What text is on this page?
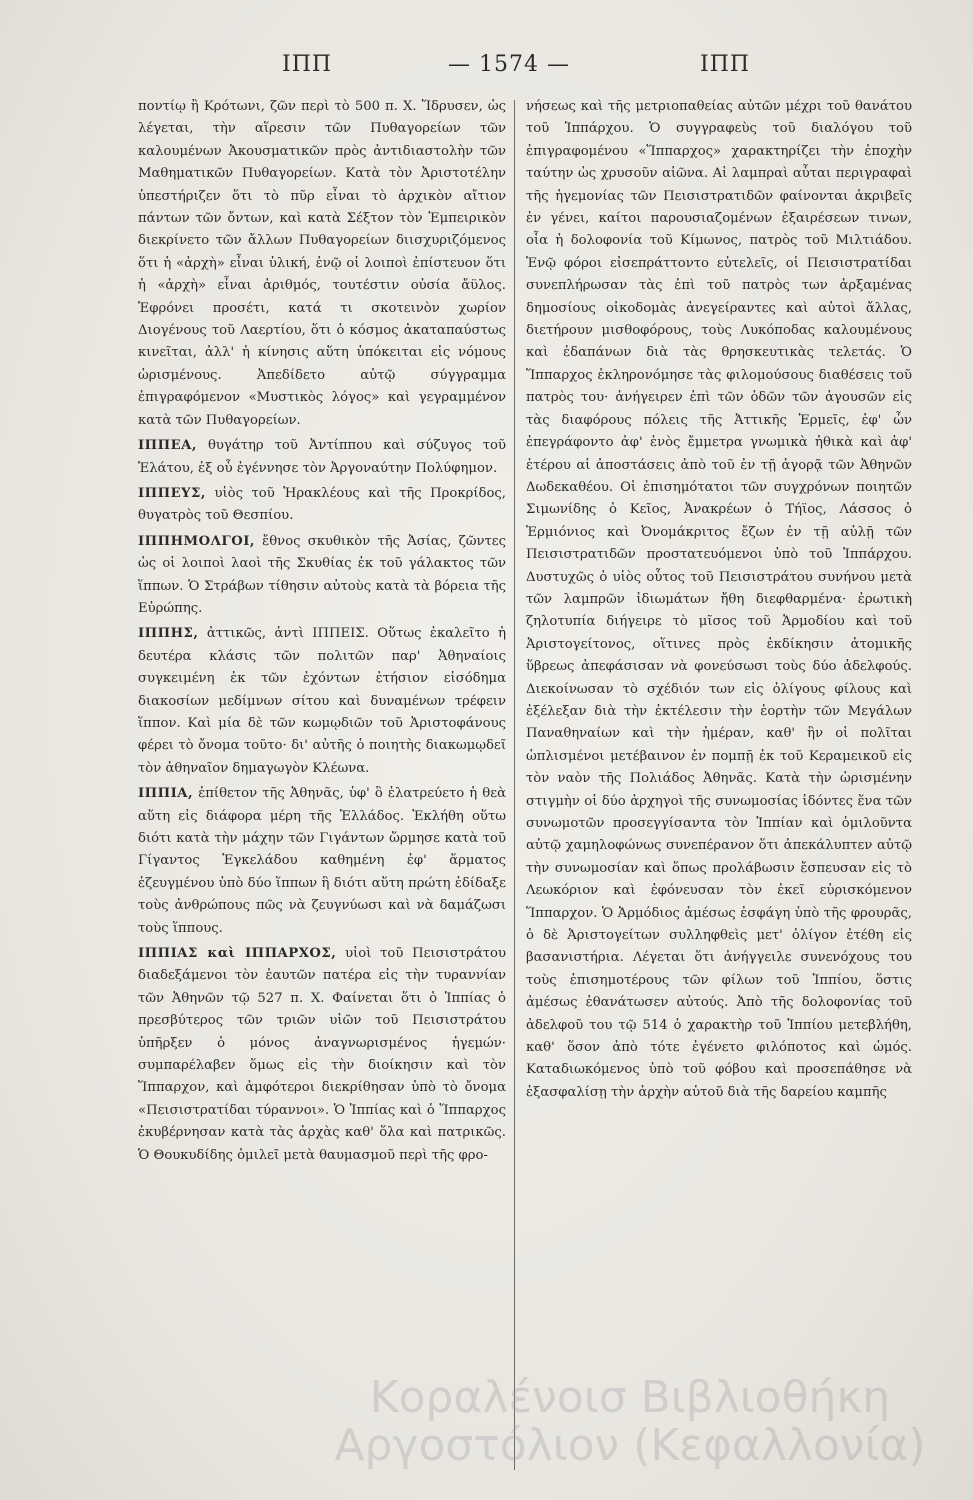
ΙΠΠ	— 1574 —	ΙΠΠ

ποντίῳ ἢ Κρότωνι, ζῶν περὶ τὸ 500 π. Χ. Ἵδρυσεν, ὡς λέγεται, τὴν αἵρεσιν τῶν Πυθαγορείων τῶν καλουμένων Ἀκουσματικῶν πρὸς ἀντιδιαστολὴν τῶν Μαθηματικῶν Πυθαγορείων. Κατὰ τὸν Ἀριστοτέλην ὑπεστήριζεν ὅτι τὸ πῦρ εἶναι τὸ ἀρχικὸν αἴτιον πάντων τῶν ὄντων, καὶ κατὰ Σέξτον τὸν Ἐμπειρικὸν διεκρίνετο τῶν ἄλλων Πυθαγορείων διισχυριζόμενος ὅτι ἡ «ἀρχὴ» εἶναι ὑλική, ἐνῷ οἱ λοιποὶ ἐπίστευον ὅτι ἡ «ἀρχὴ» εἶναι ἀριθμός, τουτέστιν οὐσία ἄϋλος. Ἐφρόνει προσέτι, κατά τι σκοτεινὸν χωρίον Διογένους τοῦ Λαερτίου, ὅτι ὁ κόσμος ἀκαταπαύστως κινεῖται, ἀλλ' ἡ κίνησις αὕτη ὑπόκειται εἰς νόμους ὡρισμένους. Ἀπεδίδετο αὐτῷ σύγγραμμα ἐπιγραφόμενον «Μυστικὸς λόγος» καὶ γεγραμμένον κατὰ τῶν Πυθαγορείων.

ΙΠΠΕΑ, θυγάτηρ τοῦ Ἀντίππου καὶ σύζυγος τοῦ Ἐλάτου, ἐξ οὗ ἐγέννησε τὸν Ἀργοναύτην Πολύφημον.

ΙΠΠΕΥΣ, υἱὸς τοῦ Ἡρακλέους καὶ τῆς Προκρίδος, θυγατρὸς τοῦ Θεσπίου.

ΙΠΠΗΜΟΛΓΟΙ, ἔθνος σκυθικὸν τῆς Ἀσίας, ζῶντες ὡς οἱ λοιποὶ λαοὶ τῆς Σκυθίας ἐκ τοῦ γάλακτος τῶν ἵππων. Ὁ Στράβων τίθησιν αὐτοὺς κατὰ τὰ βόρεια τῆς Εὐρώπης.

ΙΠΠΗΣ, ἀττικῶς, ἀντὶ ΙΠΠΕΙΣ. Οὕτως ἐκαλεῖτο ἡ δευτέρα κλάσις τῶν πολιτῶν παρ' Ἀθηναίοις συγκειμένη ἐκ τῶν ἐχόντων ἐτήσιον εἰσόδημα διακοσίων μεδίμνων σίτου καὶ δυναμένων τρέφειν ἵππον. Καὶ μία δὲ τῶν κωμῳδιῶν τοῦ Ἀριστοφάνους φέρει τὸ ὄνομα τοῦτο· δι' αὐτῆς ὁ ποιητὴς διακωμῳδεῖ τὸν ἀθηναῖον δημαγωγὸν Κλέωνα.

ΙΠΠΙΑ, ἐπίθετον τῆς Ἀθηνᾶς, ὑφ' ὃ ἐλατρεύετο ἡ θεὰ αὕτη εἰς διάφορα μέρη τῆς Ἑλλάδος. Ἐκλήθη οὕτω διότι κατὰ τὴν μάχην τῶν Γιγάντων ὥρμησε κατὰ τοῦ Γίγαντος Ἐγκελάδου καθημένη ἐφ' ἅρματος ἐζευγμένου ὑπὸ δύο ἵππων ἢ διότι αὕτη πρώτη ἐδίδαξε τοὺς ἀνθρώπους πῶς νὰ ζευγνύωσι καὶ νὰ δαμάζωσι τοὺς ἵππους.

ΙΠΠΙΑΣ καὶ ΙΠΠΑΡΧΟΣ, υἱοὶ τοῦ Πεισιστράτου διαδεξάμενοι τὸν ἑαυτῶν πατέρα εἰς τὴν τυραννίαν τῶν Ἀθηνῶν τῷ 527 π. Χ. Φαίνεται ὅτι ὁ Ἱππίας ὁ πρεσβύτερος τῶν τριῶν υἱῶν τοῦ Πεισιστράτου ὑπῆρξεν ὁ μόνος ἀναγνωρισμένος ἡγεμών· συμπαρέλαβεν ὅμως εἰς τὴν διοίκησιν καὶ τὸν Ἵππαρχον, καὶ ἀμφότεροι διεκρίθησαν ὑπὸ τὸ ὄνομα «Πεισιστρατίδαι τύραννοι». Ὁ Ἱππίας καὶ ὁ Ἵππαρχος ἐκυβέρνησαν κατὰ τὰς ἀρχὰς καθ' ὅλα καὶ πατρικῶς. Ὁ Θουκυδίδης ὁμιλεῖ μετὰ θαυμασμοῦ περὶ τῆς φρο-

νήσεως καὶ τῆς μετριοπαθείας αὐτῶν μέχρι τοῦ θανάτου τοῦ Ἱππάρχου. Ὁ συγγραφεὺς τοῦ διαλόγου τοῦ ἐπιγραφομένου «Ἵππαρχος» χαρακτηρίζει τὴν ἐποχὴν ταύτην ὡς χρυσοῦν αἰῶνα. Αἱ λαμπραὶ αὗται περιγραφαὶ τῆς ἡγεμονίας τῶν Πεισιστρατιδῶν φαίνονται ἀκριβεῖς ἐν γένει, καίτοι παρουσιαζομένων ἐξαιρέσεων τινων, οἷα ἡ δολοφονία τοῦ Κίμωνος, πατρὸς τοῦ Μιλτιάδου. Ἐνῷ φόροι εἰσεπράττοντο εὐτελεῖς, οἱ Πεισιστρατίδαι συνεπλήρωσαν τὰς ἐπὶ τοῦ πατρὸς των ἀρξαμένας δημοσίους οἰκοδομὰς ἀνεγείραντες καὶ αὐτοὶ ἄλλας, διετήρουν μισθοφόρους, τοὺς Λυκόποδας καλουμένους καὶ ἐδαπάνων διὰ τὰς θρησκευτικὰς τελετάς. Ὁ Ἵππαρχος ἐκληρονόμησε τὰς φιλομούσους διαθέσεις τοῦ πατρὸς του· ἀνήγειρεν ἐπὶ τῶν ὁδῶν τῶν ἀγουσῶν εἰς τὰς διαφόρους πόλεις τῆς Ἀττικῆς Ἑρμεῖς, ἐφ' ὧν ἐπεγράφοντο ἀφ' ἑνὸς ἔμμετρα γνωμικὰ ἠθικὰ καὶ ἀφ' ἑτέρου αἱ ἀποστάσεις ἀπὸ τοῦ ἐν τῇ ἀγορᾷ τῶν Ἀθηνῶν Δωδεκαθέου. Οἱ ἐπισημότατοι τῶν συγχρόνων ποιητῶν Σιμωνίδης ὁ Κεῖος, Ἀνακρέων ὁ Τήϊος, Λάσσος ὁ Ἑρμιόνιος καὶ Ὀνομάκριτος ἔζων ἐν τῇ αὐλῇ τῶν Πεισιστρατιδῶν προστατευόμενοι ὑπὸ τοῦ Ἱππάρχου. Δυστυχῶς ὁ υἱὸς οὗτος τοῦ Πεισιστράτου συνήνου μετὰ τῶν λαμπρῶν ἰδιωμάτων ἤθη διεφθαρμένα· ἐρωτικὴ ζηλοτυπία διήγειρε τὸ μῖσος τοῦ Ἁρμοδίου καὶ τοῦ Ἀριστογείτονος, οἵτινες πρὸς ἐκδίκησιν ἀτομικῆς ὕβρεως ἀπεφάσισαν νὰ φονεύσωσι τοὺς δύο ἀδελφούς. Διεκοίνωσαν τὸ σχέδιόν των εἰς ὀλίγους φίλους καὶ ἐξέλεξαν διὰ τὴν ἐκτέλεσιν τὴν ἑορτὴν τῶν Μεγάλων Παναθηναίων καὶ τὴν ἡμέραν, καθ' ἣν οἱ πολῖται ὡπλισμένοι μετέβαινον ἐν πομπῇ ἐκ τοῦ Κεραμεικοῦ εἰς τὸν ναὸν τῆς Πολιάδος Ἀθηνᾶς. Κατὰ τὴν ὡρισμένην στιγμὴν οἱ δύο ἀρχηγοὶ τῆς συνωμοσίας ἰδόντες ἕνα τῶν συνωμοτῶν προσεγγίσαντα τὸν Ἱππίαν καὶ ὁμιλοῦντα αὐτῷ χαμηλοφώνως συνεπέρανον ὅτι ἀπεκάλυπτεν αὐτῷ τὴν συνωμοσίαν καὶ ὅπως προλάβωσιν ἔσπευσαν εἰς τὸ Λεωκόριον καὶ ἐφόνευσαν τὸν ἐκεῖ εὑρισκόμενον Ἵππαρχον. Ὁ Ἁρμόδιος ἀμέσως ἐσφάγη ὑπὸ τῆς φρουρᾶς, ὁ δὲ Ἀριστογείτων συλληφθεὶς μετ' ὀλίγον ἐτέθη εἰς βασανιστήρια. Λέγεται ὅτι ἀνήγγειλε συνενόχους του τοὺς ἐπισημοτέρους τῶν φίλων τοῦ Ἱππίου, ὅστις ἀμέσως ἐθανάτωσεν αὐτούς. Ἀπὸ τῆς δολοφονίας τοῦ ἀδελφοῦ του τῷ 514 ὁ χαρακτὴρ τοῦ Ἱππίου μετεβλήθη, καθ' ὅσον ἀπὸ τότε ἐγένετο φιλόποτος καὶ ὠμός. Καταδιωκόμενος ὑπὸ τοῦ φόβου καὶ προσεπάθησε νὰ ἐξασφαλίσῃ τὴν ἀρχὴν αὑτοῦ διὰ τῆς δαρείου καμπῆς

Κοραλένοισ Βιβλιοθήκη
Αργοστόλιον (Κεφαλλονία)
